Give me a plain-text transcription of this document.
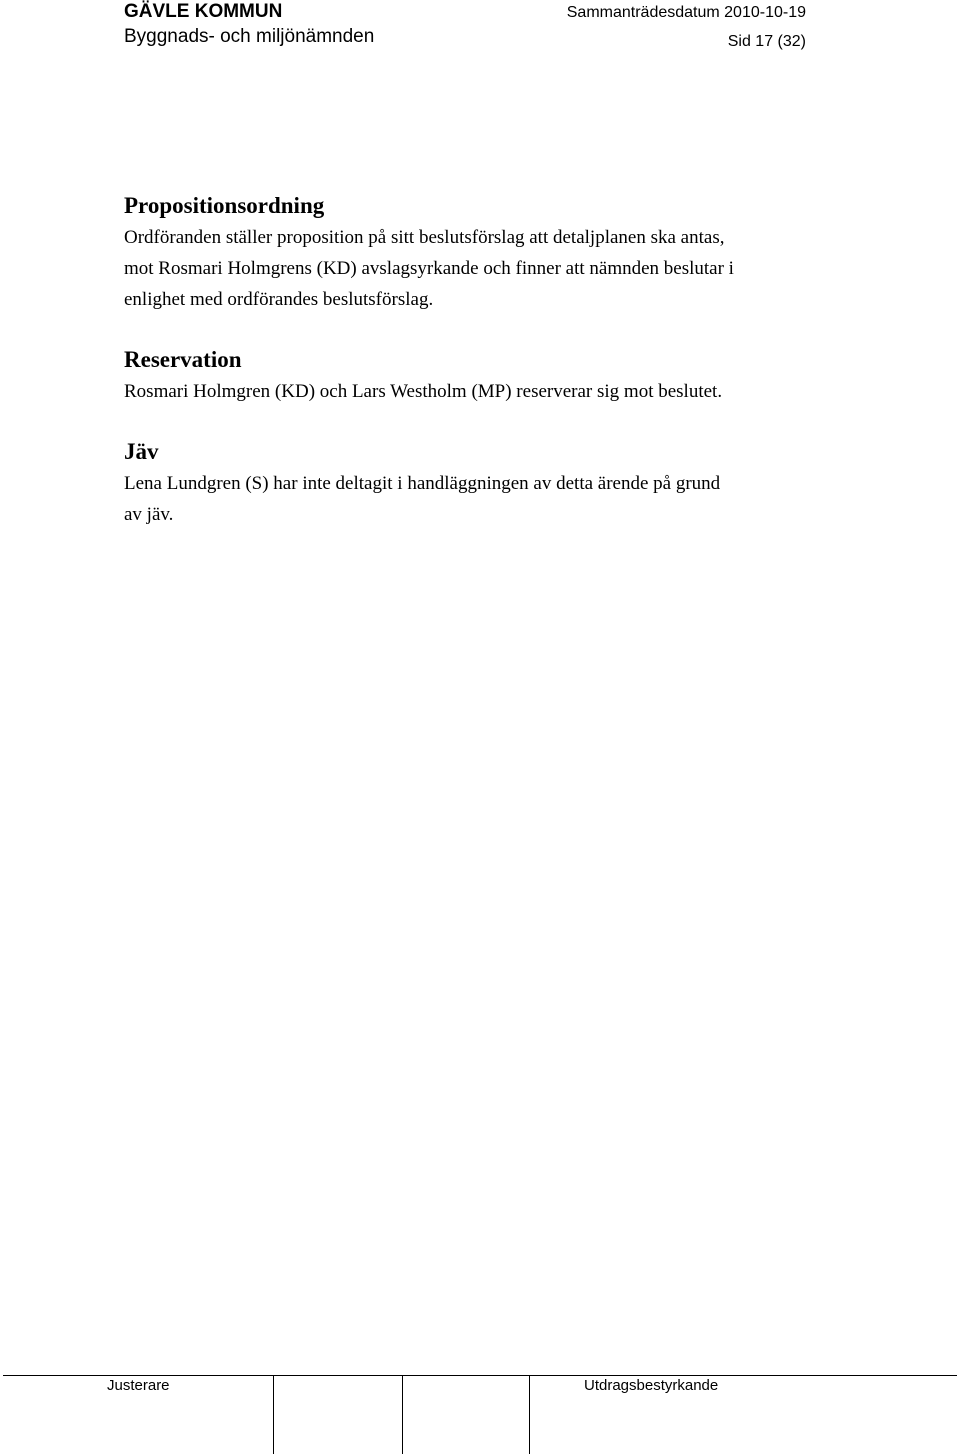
GÄVLE KOMMUN
Byggnads- och miljönämnden
Sammanträdesdatum 2010-10-19
Sid 17 (32)
Propositionsordning

Ordföranden ställer proposition på sitt beslutsförslag att detaljplanen ska antas,

mot Rosmari Holmgrens (KD) avslagsyrkande och finner att nämnden beslutar i

enlighet med ordförandes beslutsförslag.

Reservation

Rosmari Holmgren (KD) och Lars Westholm (MP) reserverar sig mot beslutet.

Jäv

Lena Lundgren (S) har inte deltagit i handläggningen av detta ärende på grund

av jäv.

Justerare	Utdragsbestyrkande
